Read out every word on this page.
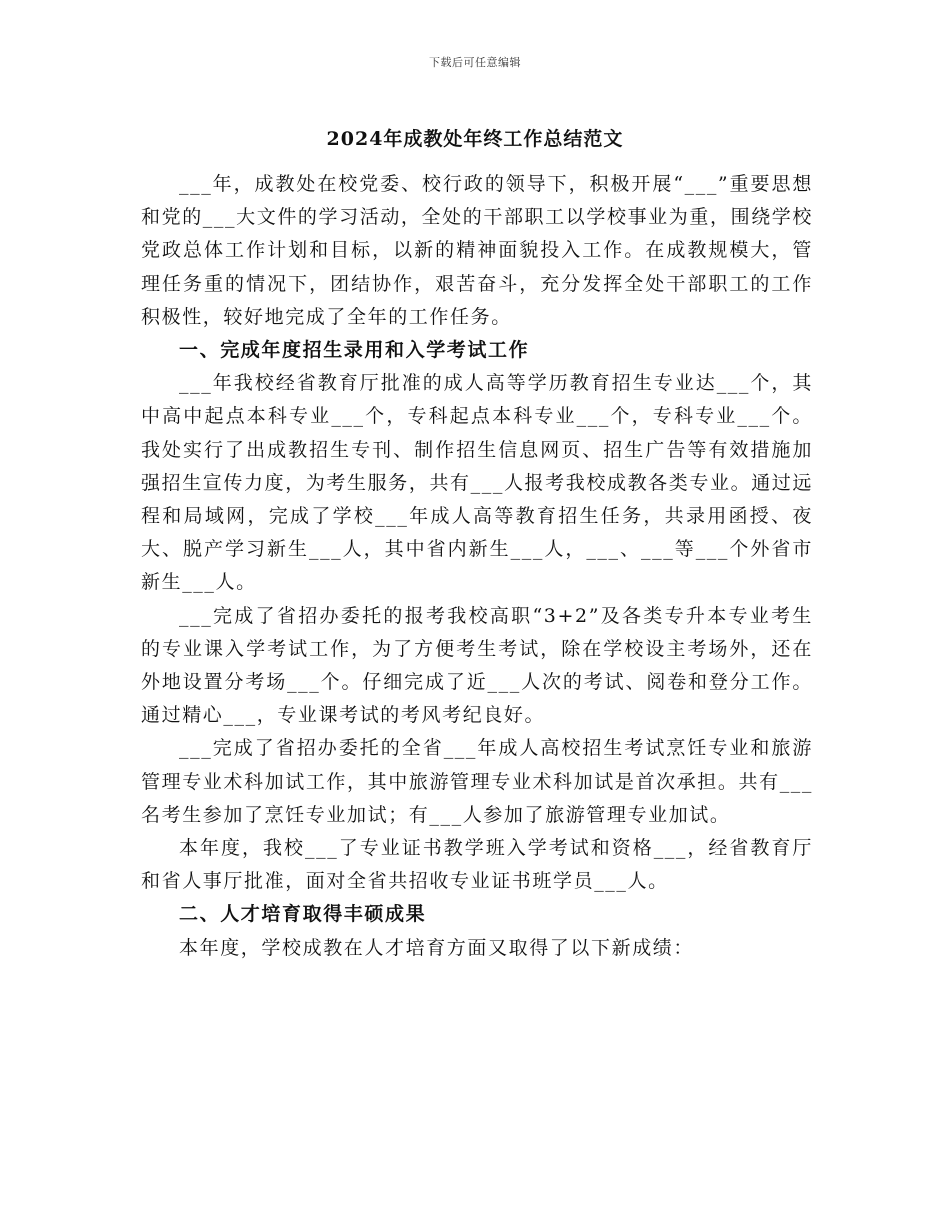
下载后可任意编辑
2024年成教处年终工作总结范文

___年，成教处在校党委、校行政的领导下，积极开展“___”重要思想和党的___大文件的学习活动，全处的干部职工以学校事业为重，围绕学校党政总体工作计划和目标，以新的精神面貌投入工作。在成教规模大，管理任务重的情况下，团结协作，艰苦奋斗，充分发挥全处干部职工的工作积极性，较好地完成了全年的工作任务。

一、完成年度招生录用和入学考试工作

___年我校经省教育厅批准的成人高等学历教育招生专业达___个，其中高中起点本科专业___个，专科起点本科专业___个，专科专业___个。我处实行了出成教招生专刊、制作招生信息网页、招生广告等有效措施加强招生宣传力度，为考生服务，共有___人报考我校成教各类专业。通过远程和局域网，完成了学校___年成人高等教育招生任务，共录用函授、夜大、脱产学习新生___人，其中省内新生___人，___、___等___个外省市新生___人。

___完成了省招办委托的报考我校高职“3+2”及各类专升本专业考生的专业课入学考试工作，为了方便考生考试，除在学校设主考场外，还在外地设置分考场___个。仔细完成了近___人次的考试、阅卷和登分工作。通过精心___，专业课考试的考风考纪良好。

___完成了省招办委托的全省___年成人高校招生考试烹饪专业和旅游管理专业术科加试工作，其中旅游管理专业术科加试是首次承担。共有___名考生参加了烹饪专业加试；有___人参加了旅游管理专业加试。

本年度，我校___了专业证书教学班入学考试和资格___，经省教育厅和省人事厅批准，面对全省共招收专业证书班学员___人。

二、人才培育取得丰硕成果

本年度，学校成教在人才培育方面又取得了以下新成绩：
